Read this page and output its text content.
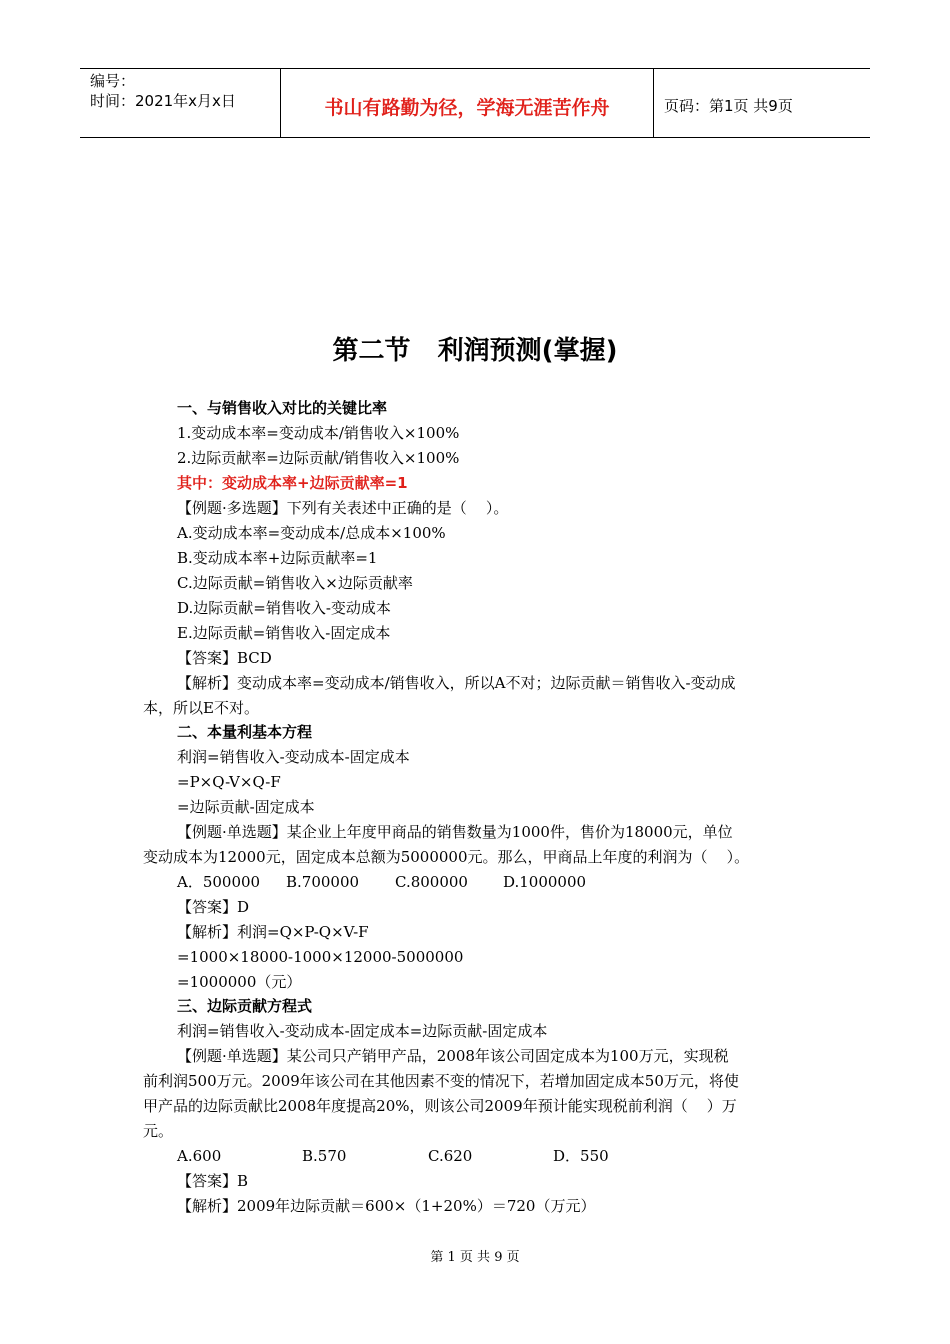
编号：
时间：2021年x月x日	书山有路勤为径，学海无涯苦作舟	页码：第1页 共9页
第二节   利润预测(掌握)
一、与销售收入对比的关键比率
1.变动成本率=变动成本/销售收入×100%
2.边际贡献率=边际贡献/销售收入×100%
其中：变动成本率+边际贡献率=1
【例题·多选题】下列有关表述中正确的是（    ）。
A.变动成本率=变动成本/总成本×100%
B.变动成本率+边际贡献率=1
C.边际贡献=销售收入×边际贡献率
D.边际贡献=销售收入-变动成本
E.边际贡献=销售收入-固定成本
【答案】BCD
【解析】变动成本率=变动成本/销售收入，所以A不对；边际贡献＝销售收入-变动成
本，所以E不对。
二、本量利基本方程
利润=销售收入-变动成本-固定成本
=P×Q-V×Q-F
=边际贡献-固定成本
【例题·单选题】某企业上年度甲商品的销售数量为1000件，售价为18000元，单位
变动成本为12000元，固定成本总额为5000000元。那么，甲商品上年度的利润为（    ）。
A．500000 B.700000 C.800000 D.1000000
【答案】D
【解析】利润=Q×P-Q×V-F
=1000×18000-1000×12000-5000000
=1000000（元）
三、边际贡献方程式
利润=销售收入-变动成本-固定成本=边际贡献-固定成本
【例题·单选题】某公司只产销甲产品，2008年该公司固定成本为100万元，实现税
前利润500万元。2009年该公司在其他因素不变的情况下，若增加固定成本50万元，将使
甲产品的边际贡献比2008年度提高20%，则该公司2009年预计能实现税前利润（    ）万
元。
A.600	B.570	C.620	D．550
【答案】B
【解析】2009年边际贡献＝600×（1+20%）＝720（万元）
第 1 页 共 9 页
